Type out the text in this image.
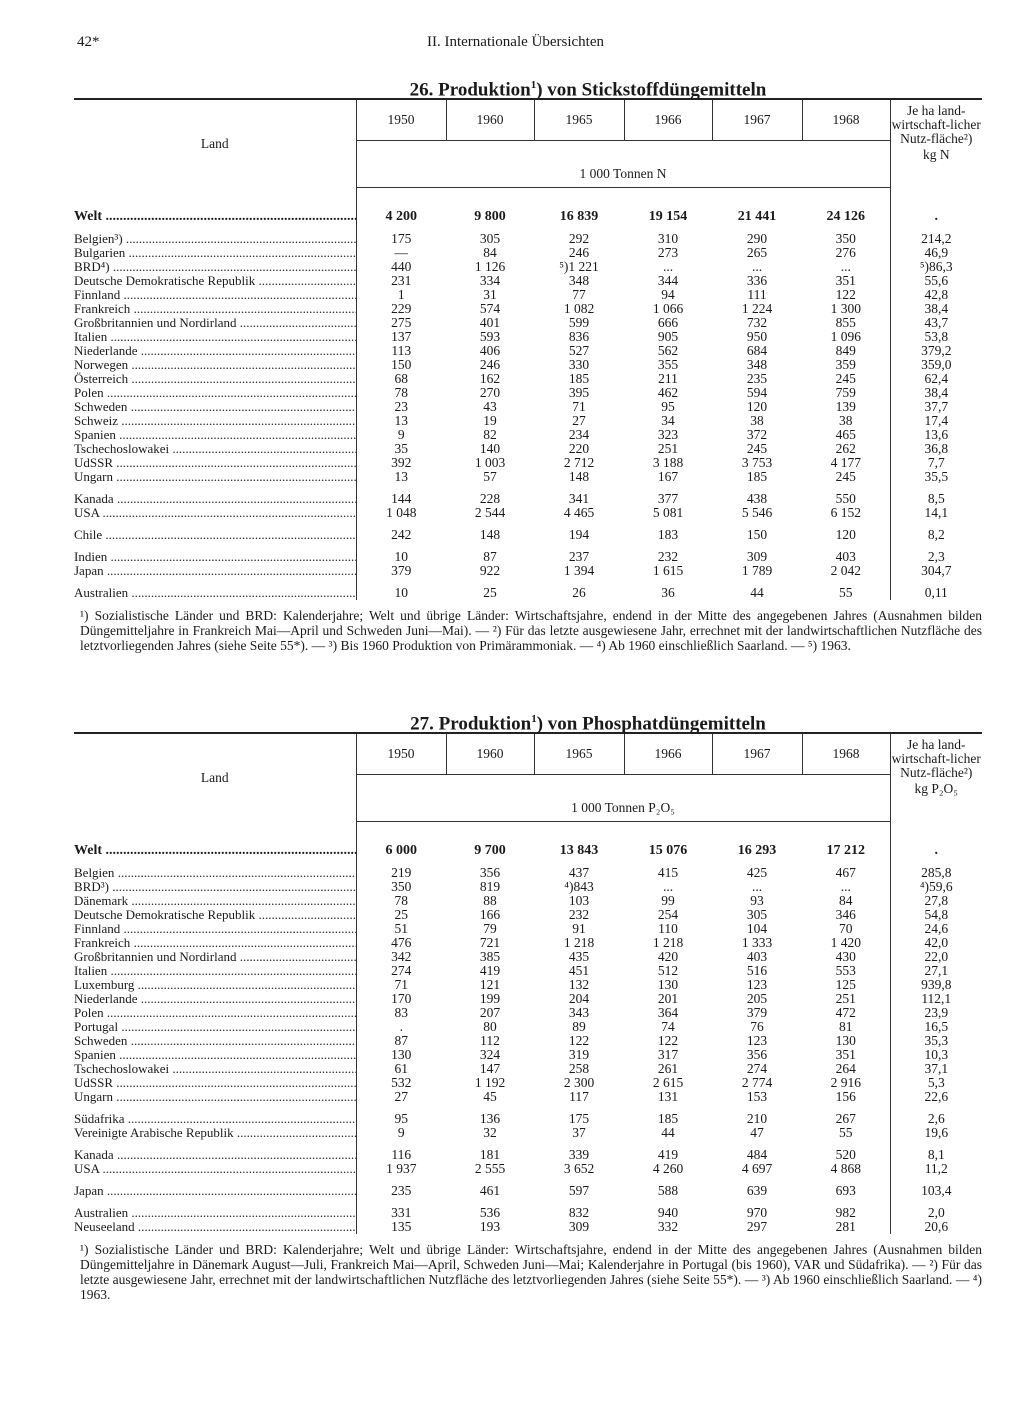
42*	II. Internationale Übersichten
26. Produktion$^1$) von Stickstoffdüngemitteln
Land	1950	1960	1965	1966	1967	1968	Je ha land-wirtschaft-licher Nutz-fläche²)
kg N

	1 000 Tonnen N						

Welt .....	4 200	9 800	16 839	19 154	21 441	24 126	.

Belgien³) .....	175	305	292	310	290	350	214,2
Bulgarien .....	—	84	246	273	265	276	46,9
BRD⁴) .....	440	1 126	⁵)1 221	...	...	...	⁵)86,3
Deutsche Demokratische Republik .....	231	334	348	344	336	351	55,6
Finnland .....	1	31	77	94	111	122	42,8
Frankreich .....	229	574	1 082	1 066	1 224	1 300	38,4
Großbritannien und Nordirland .....	275	401	599	666	732	855	43,7
Italien .....	137	593	836	905	950	1 096	53,8
Niederlande .....	113	406	527	562	684	849	379,2
Norwegen .....	150	246	330	355	348	359	359,0
Österreich .....	68	162	185	211	235	245	62,4
Polen .....	78	270	395	462	594	759	38,4
Schweden .....	23	43	71	95	120	139	37,7
Schweiz .....	13	19	27	34	38	38	17,4
Spanien .....	9	82	234	323	372	465	13,6
Tschechoslowakei .....	35	140	220	251	245	262	36,8
UdSSR .....	392	1 003	2 712	3 188	3 753	4 177	7,7
Ungarn .....	13	57	148	167	185	245	35,5

Kanada .....	144	228	341	377	438	550	8,5
USA .....	1 048	2 544	4 465	5 081	5 546	6 152	14,1

Chile .....	242	148	194	183	150	120	8,2

Indien .....	10	87	237	232	309	403	2,3
Japan .....	379	922	1 394	1 615	1 789	2 042	304,7

Australien .....	10	25	26	36	44	55	0,11
¹) Sozialistische Länder und BRD: Kalenderjahre; Welt und übrige Länder: Wirtschaftsjahre, endend in der Mitte des angegebenen Jahres (Ausnahmen bilden Düngemitteljahre in Frankreich Mai—April und Schweden Juni—Mai). — ²) Für das letzte ausgewiesene Jahr, errechnet mit der landwirtschaftlichen Nutzfläche des letztvorliegenden Jahres (siehe Seite 55*). — ³) Bis 1960 Produktion von Primärammoniak. — ⁴) Ab 1960 einschließlich Saarland. — ⁵) 1963.
27. Produktion$^1$) von Phosphatdüngemitteln
Land	1950	1960	1965	1966	1967	1968	Je ha land-wirtschaft-licher Nutz-fläche²)
kg P₂O₅

	1 000 Tonnen P₂O₅						

Welt .....	6 000	9 700	13 843	15 076	16 293	17 212	.

Belgien .....	219	356	437	415	425	467	285,8
BRD³) .....	350	819	⁴)843	...	...	...	⁴)59,6
Dänemark .....	78	88	103	99	93	84	27,8
Deutsche Demokratische Republik .....	25	166	232	254	305	346	54,8
Finnland .....	51	79	91	110	104	70	24,6
Frankreich .....	476	721	1 218	1 218	1 333	1 420	42,0
Großbritannien und Nordirland .....	342	385	435	420	403	430	22,0
Italien .....	274	419	451	512	516	553	27,1
Luxemburg .....	71	121	132	130	123	125	939,8
Niederlande .....	170	199	204	201	205	251	112,1
Polen .....	83	207	343	364	379	472	23,9
Portugal .....	.	80	89	74	76	81	16,5
Schweden .....	87	112	122	122	123	130	35,3
Spanien .....	130	324	319	317	356	351	10,3
Tschechoslowakei .....	61	147	258	261	274	264	37,1
UdSSR .....	532	1 192	2 300	2 615	2 774	2 916	5,3
Ungarn .....	27	45	117	131	153	156	22,6

Südafrika .....	95	136	175	185	210	267	2,6
Vereinigte Arabische Republik .....	9	32	37	44	47	55	19,6

Kanada .....	116	181	339	419	484	520	8,1
USA .....	1 937	2 555	3 652	4 260	4 697	4 868	11,2

Japan .....	235	461	597	588	639	693	103,4

Australien .....	331	536	832	940	970	982	2,0
Neuseeland .....	135	193	309	332	297	281	20,6
¹) Sozialistische Länder und BRD: Kalenderjahre; Welt und übrige Länder: Wirtschaftsjahre, endend in der Mitte des angegebenen Jahres (Ausnahmen bilden Düngemitteljahre in Dänemark August—Juli, Frankreich Mai—April, Schweden Juni—Mai; Kalenderjahre in Portugal (bis 1960), VAR und Südafrika). — ²) Für das letzte ausgewiesene Jahr, errechnet mit der landwirtschaftlichen Nutzfläche des letztvorliegenden Jahres (siehe Seite 55*). — ³) Ab 1960 einschließlich Saarland. — ⁴) 1963.
